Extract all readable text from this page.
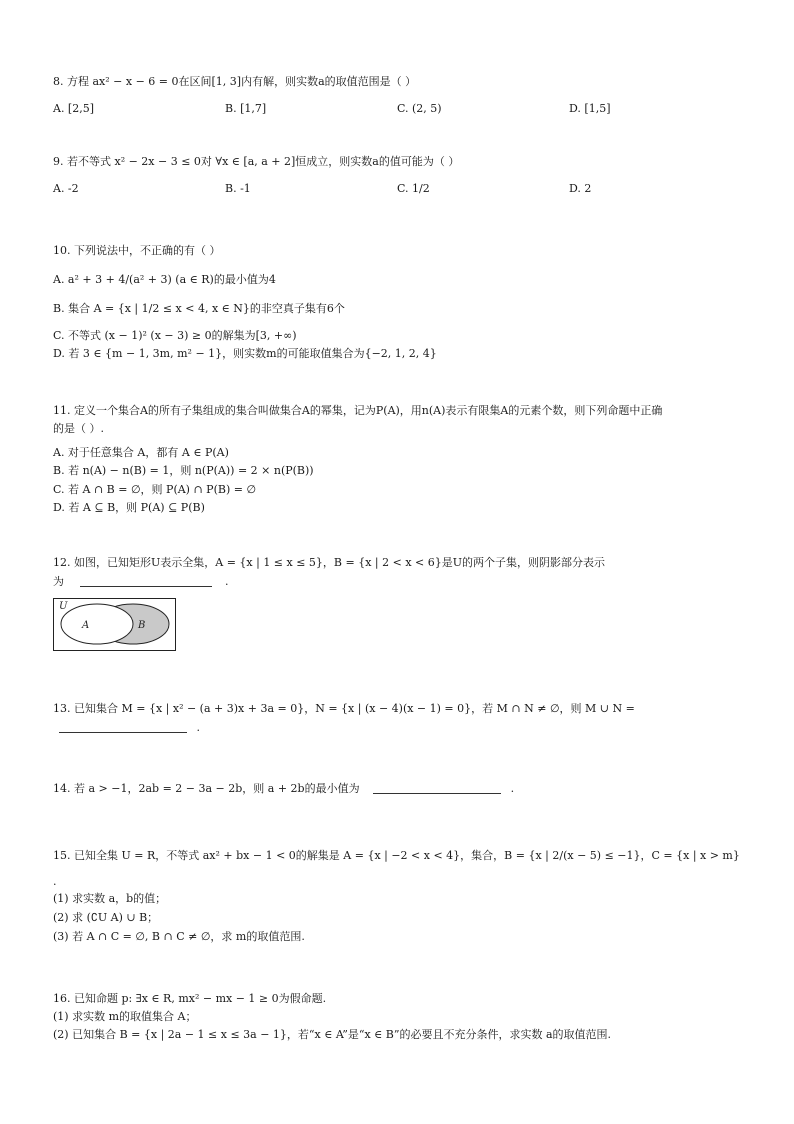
8. 方程 ax² − x − 6 = 0在区间[1, 3]内有解，则实数a的取值范围是（ ）
A. [2,5]	B. [1,7]	C. (2, 5)	D. [1,5]
9. 若不等式 x² − 2x − 3 ≤ 0对 ∀x ∈ [a, a + 2]恒成立，则实数a的值可能为（ ）
A. -2	B. -1	C. 1/2	D. 2
10. 下列说法中，不正确的有（ ）
A. a² + 3 + 4/(a² + 3) (a ∈ R)的最小值为4
B. 集合 A = {x | 1/2 ≤ x < 4, x ∈ N}的非空真子集有6个
C. 不等式 (x − 1)² (x − 3) ≥ 0的解集为[3, +∞)
D. 若 3 ∈ {m − 1, 3m, m² − 1}，则实数m的可能取值集合为{−2, 1, 2, 4}
11. 定义一个集合A的所有子集组成的集合叫做集合A的幂集，记为P(A)，用n(A)表示有限集A的元素个数，则下列命题中正确
的是（ ）.
A. 对于任意集合 A，都有 A ∈ P(A)
B. 若 n(A) − n(B) = 1，则 n(P(A)) = 2 × n(P(B))
C. 若 A ∩ B = ∅，则 P(A) ∩ P(B) = ∅
D. 若 A ⊆ B，则 P(A) ⊆ P(B)
12. 如图，已知矩形U表示全集，A = {x | 1 ≤ x ≤ 5}，B = {x | 2 < x < 6}是U的两个子集，则阴影部分表示
为	.
U
A	B
13. 已知集合 M = {x | x² − (a + 3)x + 3a = 0}，N = {x | (x − 4)(x − 1) = 0}，若 M ∩ N ≠ ∅，则 M ∪ N =
.
14. 若 a > −1，2ab = 2 − 3a − 2b，则 a + 2b的最小值为	.
15. 已知全集 U = R，不等式 ax² + bx − 1 < 0的解集是 A = {x | −2 < x < 4}，集合，B = {x | 2/(x − 5) ≤ −1}，C = {x | x > m}
.
(1) 求实数 a，b的值；
(2) 求 (∁U A) ∪ B；
(3) 若 A ∩ C = ∅, B ∩ C ≠ ∅，求 m的取值范围.
16. 已知命题 p: ∃x ∈ R, mx² − mx − 1 ≥ 0为假命题.
(1) 求实数 m的取值集合 A；
(2) 已知集合 B = {x | 2a − 1 ≤ x ≤ 3a − 1}，若“x ∈ A”是“x ∈ B”的必要且不充分条件，求实数 a的取值范围.
